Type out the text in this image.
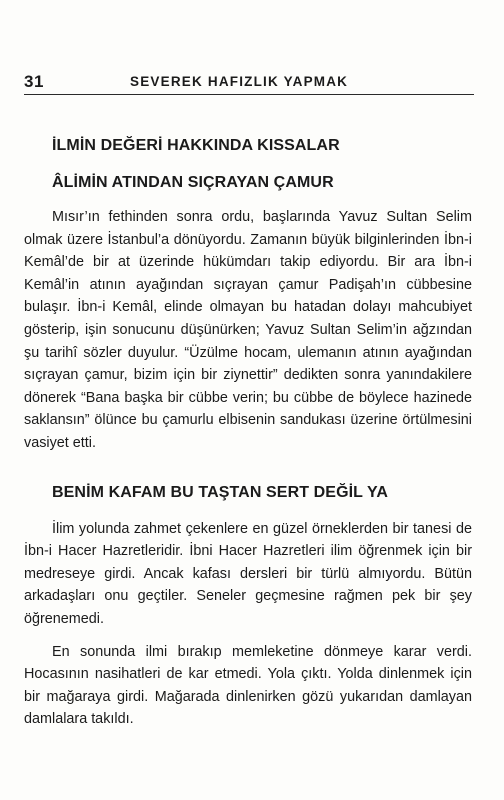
31	SEVEREK HAFIZLIK YAPMAK
İLMİN DEĞERİ HAKKINDA KISSALAR
ÂLİMİN ATINDAN SIÇRAYAN ÇAMUR

Mısır’ın fethinden sonra ordu, başlarında Yavuz Sultan Selim olmak üzere İstanbul’a dönüyordu. Zamanın büyük bilginlerinden İbn-i Kemâl’de bir at üzerinde hükümdarı takip ediyordu. Bir ara İbn-i Kemâl’in atının ayağından sıçrayan çamur Padişah’ın cübbesine bulaşır. İbn-i Kemâl, elinde olmayan bu hatadan dolayı mahcubiyet gösterip, işin sonucunu düşünürken; Yavuz Sultan Selim’in ağzından şu tarihî sözler duyulur. “Üzülme hocam, ulemanın atının ayağından sıçrayan çamur, bizim için bir ziynettir” dedikten sonra yanındakilere dönerek “Bana başka bir cübbe verin; bu cübbe de böylece hazinede saklansın” ölünce bu çamurlu elbisenin sandukası üzerine örtülmesini vasiyet etti.

BENİM KAFAM BU TAŞTAN SERT DEĞİL YA

İlim yolunda zahmet çekenlere en güzel örneklerden bir tanesi de İbn-i Hacer Hazretleridir. İbni Hacer Hazretleri ilim öğrenmek için bir medreseye girdi. Ancak kafası dersleri bir türlü almıyordu. Bütün arkadaşları onu geçtiler. Seneler geçmesine rağmen pek bir şey öğrenemedi.

En sonunda ilmi bırakıp memleketine dönmeye karar verdi. Hocasının nasihatleri de kar etmedi. Yola çıktı. Yolda dinlenmek için bir mağaraya girdi. Mağarada dinlenirken gözü yukarıdan damlayan damlalara takıldı.
